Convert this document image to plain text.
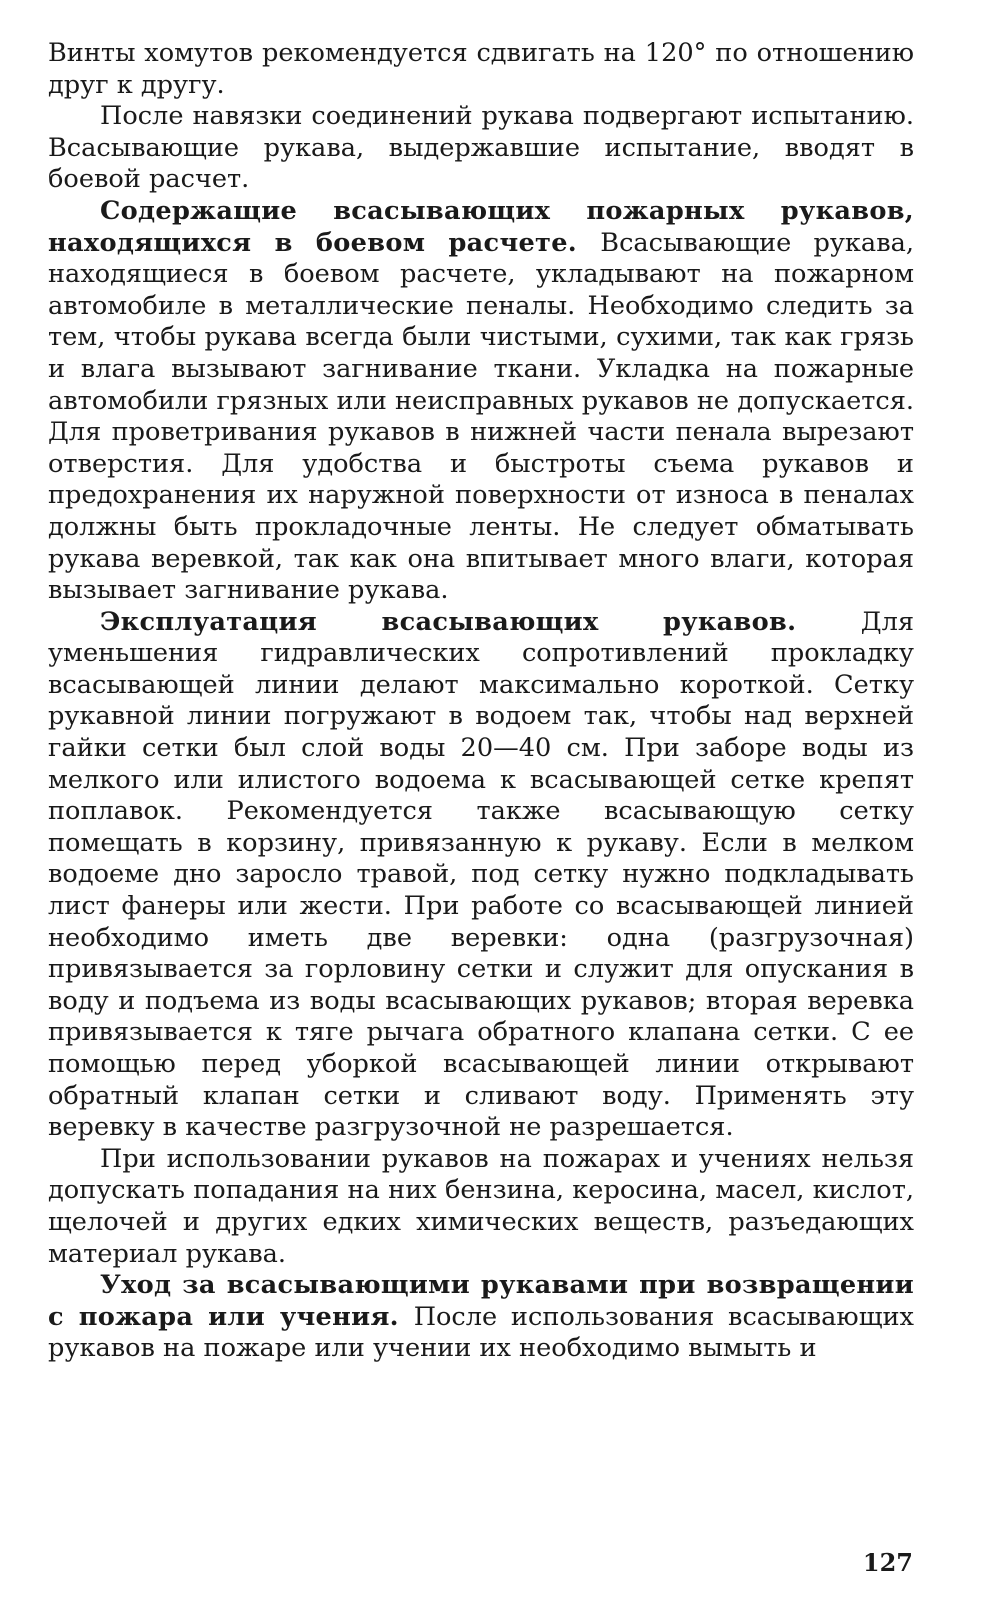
Винты хомутов рекомендуется сдвигать на 120° по отношению друг к другу.

После навязки соединений рукава подвергают испытанию. Всасывающие рукава, выдержавшие испытание, вводят в боевой расчет.

Содержащие всасывающих пожарных рукавов, находящихся в боевом расчете. Всасывающие рукава, находящиеся в боевом расчете, укладывают на пожарном автомобиле в металлические пеналы. Необходимо следить за тем, чтобы рукава всегда были чистыми, сухими, так как грязь и влага вызывают загнивание ткани. Укладка на пожарные автомобили грязных или неисправных рукавов не допускается. Для проветривания рукавов в нижней части пенала вырезают отверстия. Для удобства и быстроты съема рукавов и предохранения их наружной поверхности от износа в пеналах должны быть прокладочные ленты. Не следует обматывать рукава веревкой, так как она впитывает много влаги, которая вызывает загнивание рукава.

Эксплуатация всасывающих рукавов. Для уменьшения гидравлических сопротивлений прокладку всасывающей линии делают максимально короткой. Сетку рукавной линии погружают в водоем так, чтобы над верхней гайки сетки был слой воды 20—40 см. При заборе воды из мелкого или илистого водоема к всасывающей сетке крепят поплавок. Рекомендуется также всасывающую сетку помещать в корзину, привязанную к рукаву. Если в мелком водоеме дно заросло травой, под сетку нужно подкладывать лист фанеры или жести. При работе со всасывающей линией необходимо иметь две веревки: одна (разгрузочная) привязывается за горловину сетки и служит для опускания в воду и подъема из воды всасывающих рукавов; вторая веревка привязывается к тяге рычага обратного клапана сетки. С ее помощью перед уборкой всасывающей линии открывают обратный клапан сетки и сливают воду. Применять эту веревку в качестве разгрузочной не разрешается.

При использовании рукавов на пожарах и учениях нельзя допускать попадания на них бензина, керосина, масел, кислот, щелочей и других едких химических веществ, разъедающих материал рукава.

Уход за всасывающими рукавами при возвращении с пожара или учения. После использования всасывающих рукавов на пожаре или учении их необходимо вымыть и

127
